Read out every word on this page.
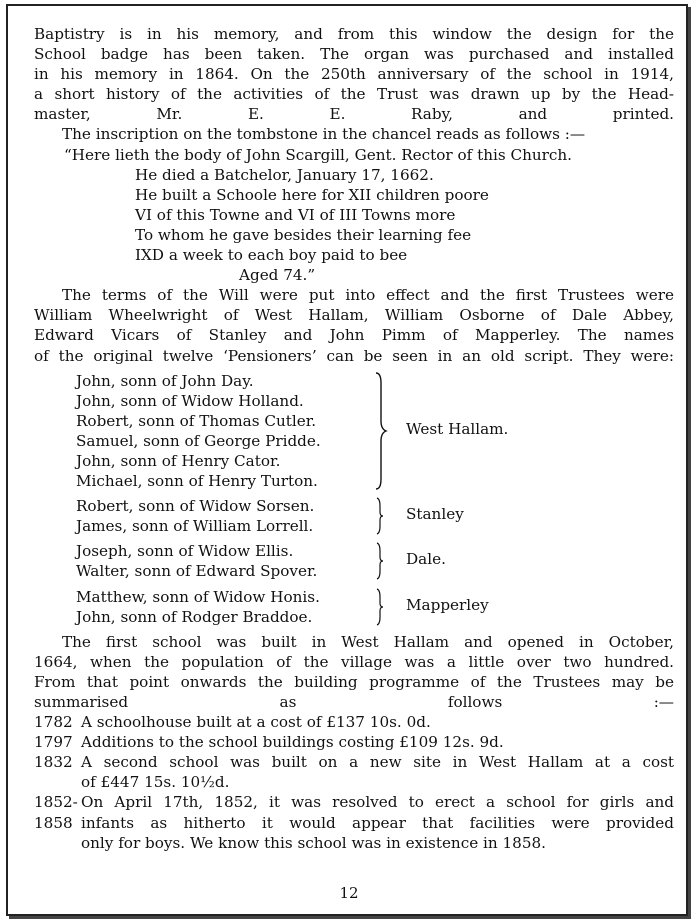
Baptistry is in his memory, and from this window the design for the
School badge has been taken. The organ was purchased and installed
in his memory in 1864. On the 250th anniversary of the school in 1914,
a short history of the activities of the Trust was drawn up by the Head-
master, Mr. E. E. Raby, and printed.
The inscription on the tombstone in the chancel reads as follows :—
“Here lieth the body of John Scargill, Gent. Rector of this Church.
He died a Batchelor, January 17, 1662.
He built a Schoole here for XII children poore
VI of this Towne and VI of III Towns more
To whom he gave besides their learning fee
IXD a week to each boy paid to bee
Aged 74.”
The terms of the Will were put into effect and the first Trustees were
William Wheelwright of West Hallam, William Osborne of Dale Abbey,
Edward Vicars of Stanley and John Pimm of Mapperley. The names
of the original twelve ‘Pensioners’ can be seen in an old script. They were:
John, sonn of John Day.
John, sonn of Widow Holland.
Robert, sonn of Thomas Cutler.
Samuel, sonn of George Pridde.
John, sonn of Henry Cator.
Michael, sonn of Henry Turton.
West Hallam.
Robert, sonn of Widow Sorsen.
James, sonn of William Lorrell.
Stanley
Joseph, sonn of Widow Ellis.
Walter, sonn of Edward Spover.
Dale.
Matthew, sonn of Widow Honis.
John, sonn of Rodger Braddoe.
Mapperley
The first school was built in West Hallam and opened in October,
1664, when the population of the village was a little over two hundred.
From that point onwards the building programme of the Trustees may be
summarised as follows :—
1782 A schoolhouse built at a cost of £137 10s. 0d.
1797 Additions to the school buildings costing £109 12s. 9d.
1832 A second school was built on a new site in West Hallam at a cost
of £447 15s. 10½d.
1852-
1858
On April 17th, 1852, it was resolved to erect a school for girls and
infants as hitherto it would appear that facilities were provided
only for boys. We know this school was in existence in 1858.
12
